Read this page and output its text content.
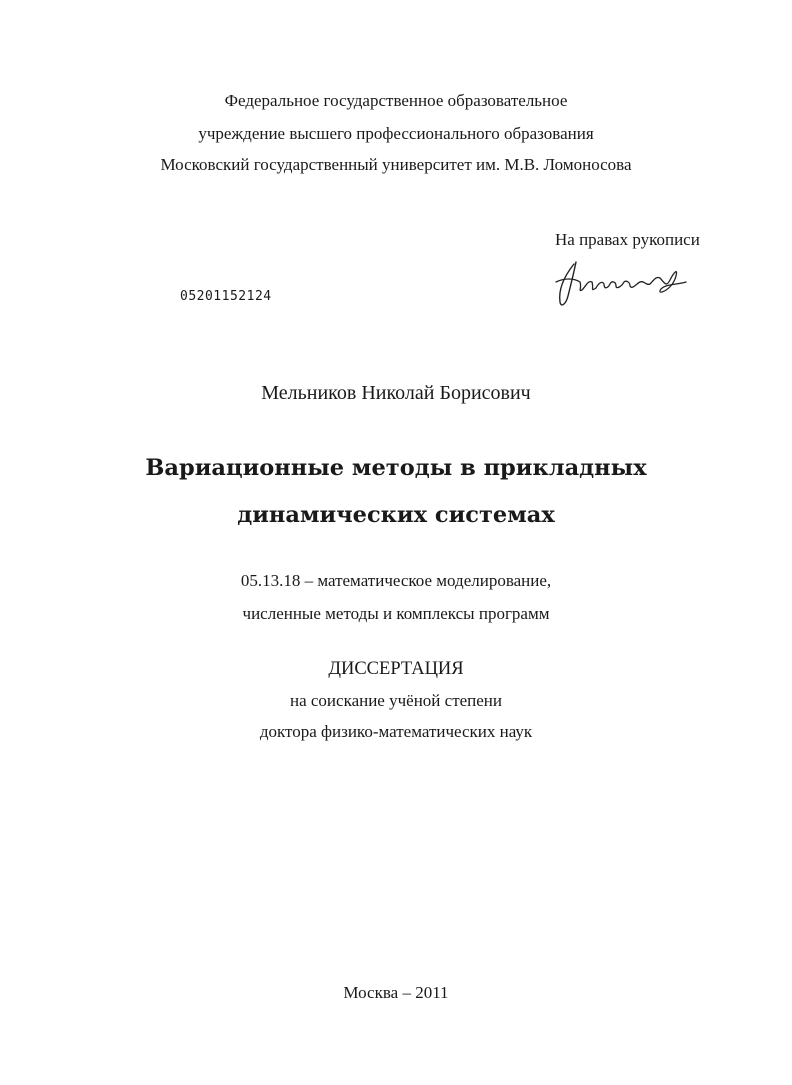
Федеральное государственное образовательное

учреждение высшего профессионального образования

Московский государственный университет им. М.В. Ломоносова

На правах рукописи
05201152124

Мельников Николай Борисович

Вариационные методы в прикладных

динамических системах

05.13.18 – математическое моделирование,

численные методы и комплексы программ

ДИССЕРТАЦИЯ

на соискание учёной степени

доктора физико-математических наук

Москва – 2011
